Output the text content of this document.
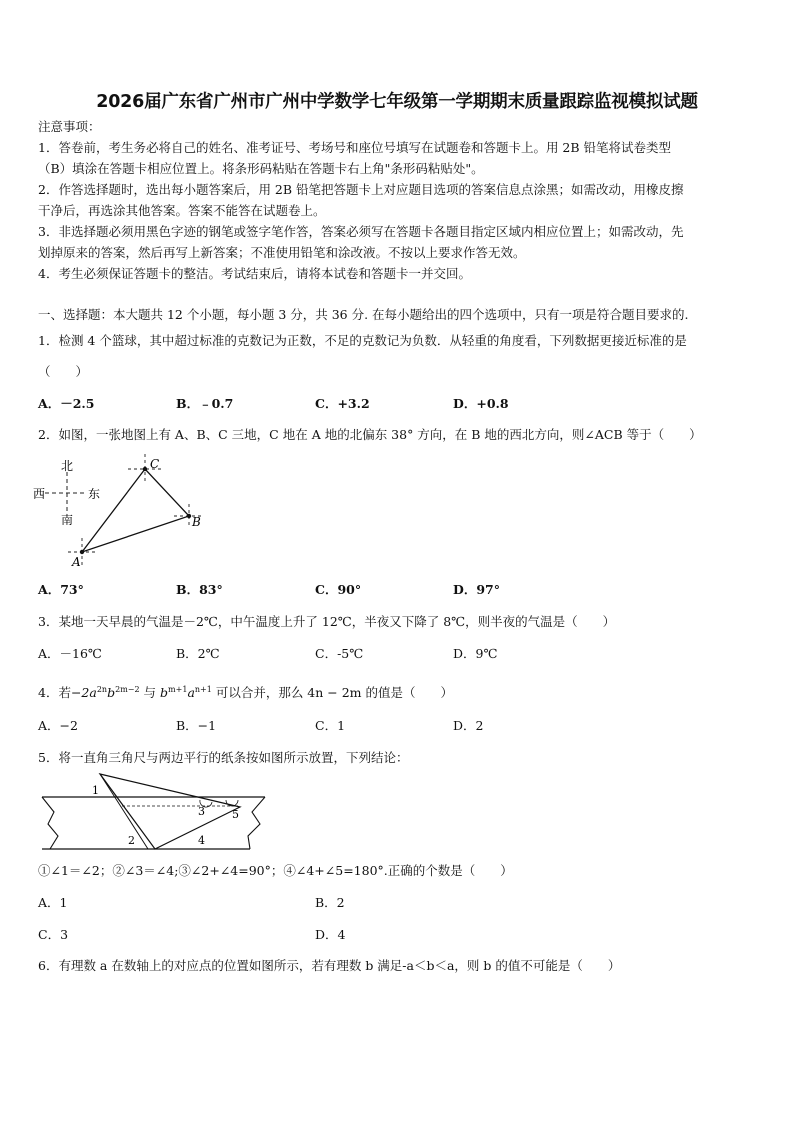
2026届广东省广州市广州中学数学七年级第一学期期末质量跟踪监视模拟试题
注意事项：
1．答卷前，考生务必将自己的姓名、准考证号、考场号和座位号填写在试题卷和答题卡上。用 2B 铅笔将试卷类型
（B）填涂在答题卡相应位置上。将条形码粘贴在答题卡右上角"条形码粘贴处"。
2．作答选择题时，选出每小题答案后，用 2B 铅笔把答题卡上对应题目选项的答案信息点涂黑；如需改动，用橡皮擦
干净后，再选涂其他答案。答案不能答在试题卷上。
3．非选择题必须用黑色字迹的钢笔或签字笔作答，答案必须写在答题卡各题目指定区域内相应位置上；如需改动，先
划掉原来的答案，然后再写上新答案；不准使用铅笔和涂改液。不按以上要求作答无效。
4．考生必须保证答题卡的整洁。考试结束后，请将本试卷和答题卡一并交回。
一、选择题：本大题共 12 个小题，每小题 3 分，共 36 分. 在每小题给出的四个选项中，只有一项是符合题目要求的.
1．检测 4 个篮球，其中超过标准的克数记为正数，不足的克数记为负数．从轻重的角度看，下列数据更接近标准的是
（　　）
A．－2.5	B．﹣0.7	C．+3.2	D．+0.8
2．如图，一张地图上有 A、B、C 三地，C 地在 A 地的北偏东 38° 方向，在 B 地的西北方向，则∠ACB 等于（　　）
北
南
西	东
A
C
B
A．73°	B．83°	C．90°	D．97°
3．某地一天早晨的气温是－2℃，中午温度上升了 12℃，半夜又下降了 8℃，则半夜的气温是（　　）
A．－16℃	B．2℃	C．-5℃	D．9℃
4．若$-2a^{2n}b^{2m-2}$ 与 $b^{m+1}a^{n+1}$ 可以合并，那么 4n − 2m 的值是（　　）
A．−2	B．−1	C．1	D．2
5．将一直角三角尺与两边平行的纸条按如图所示放置，下列结论：
1
2
3
4
5
①∠1＝∠2；②∠3＝∠4;③∠2+∠4=90°；④∠4+∠5=180°.正确的个数是（　　）
A．1	B．2
C．3	D．4
6．有理数 a 在数轴上的对应点的位置如图所示，若有理数 b 满足-a＜b＜a，则 b 的值不可能是（　　）
